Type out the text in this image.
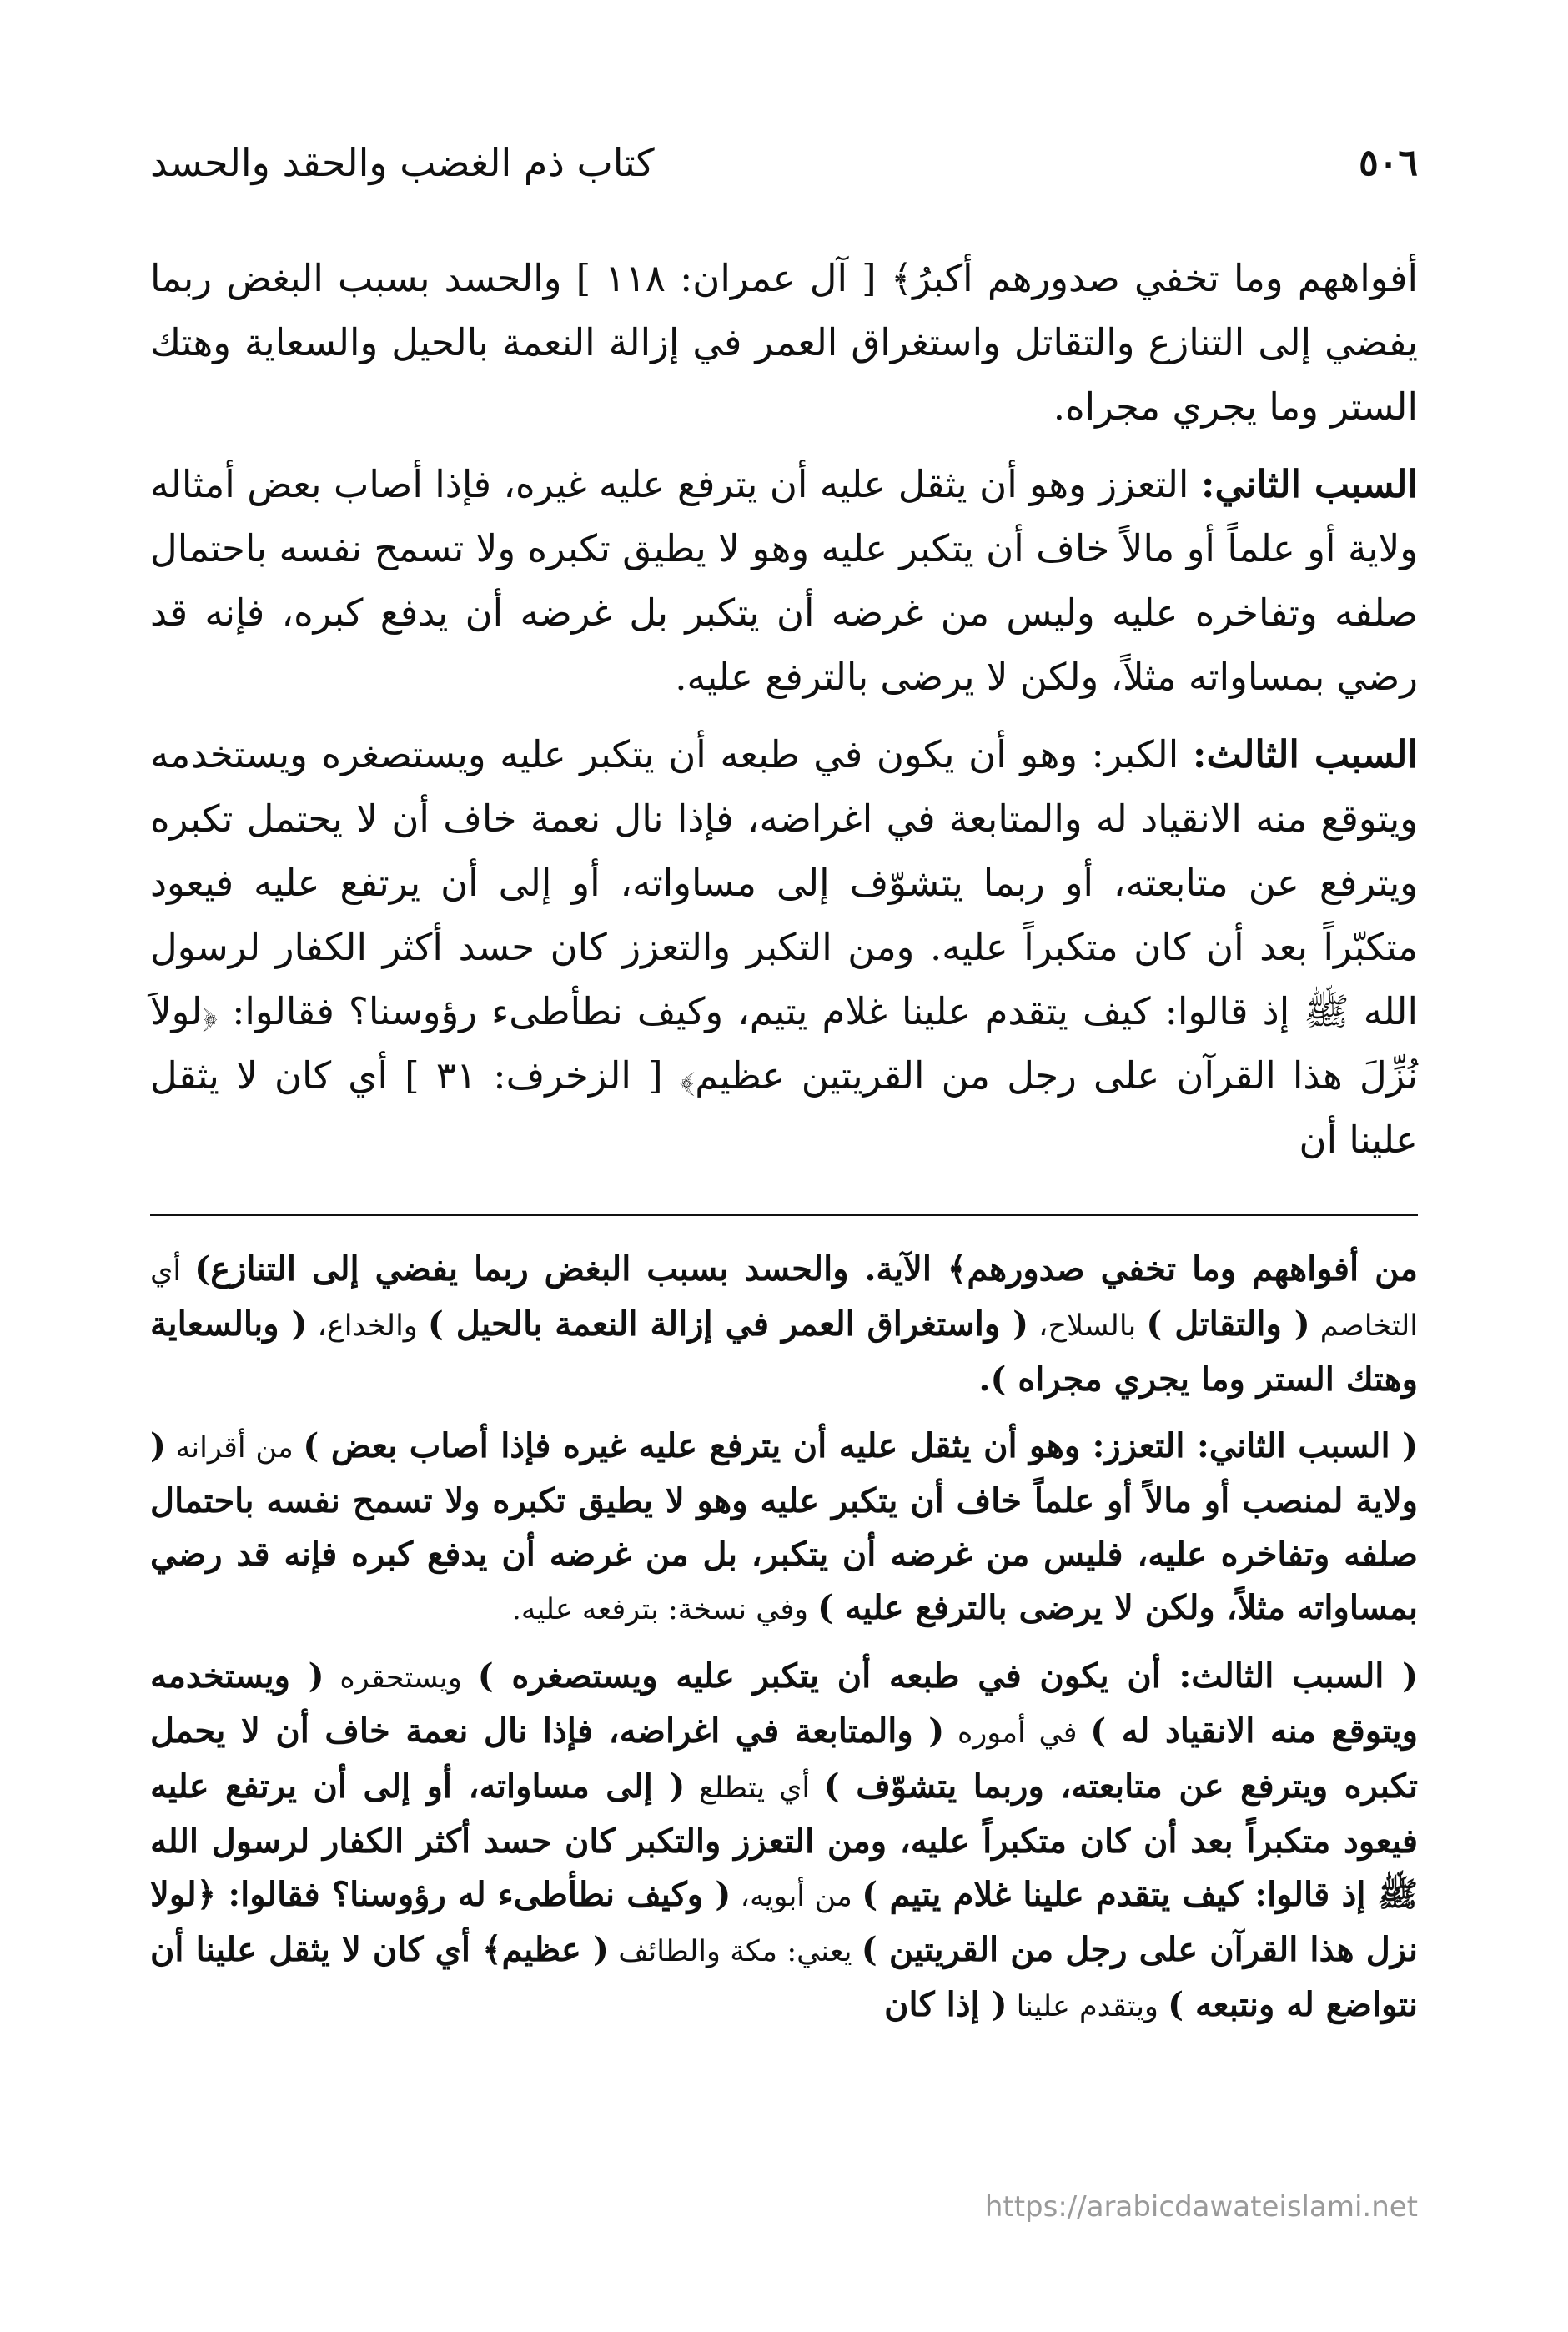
٥٠٦
كتاب ذم الغضب والحقد والحسد

أفواههم وما تخفي صدورهم أكبرُ﴾ [ آل عمران: ١١٨ ] والحسد بسبب البغض ربما يفضي إلى التنازع والتقاتل واستغراق العمر في إزالة النعمة بالحيل والسعاية وهتك الستر وما يجري مجراه.

السبب الثاني: التعزز وهو أن يثقل عليه أن يترفع عليه غيره، فإذا أصاب بعض أمثاله ولاية أو علماً أو مالاً خاف أن يتكبر عليه وهو لا يطيق تكبره ولا تسمح نفسه باحتمال صلفه وتفاخره عليه وليس من غرضه أن يتكبر بل غرضه أن يدفع كبره، فإنه قد رضي بمساواته مثلاً، ولكن لا يرضى بالترفع عليه.

السبب الثالث: الكبر: وهو أن يكون في طبعه أن يتكبر عليه ويستصغره ويستخدمه ويتوقع منه الانقياد له والمتابعة في اغراضه، فإذا نال نعمة خاف أن لا يحتمل تكبره ويترفع عن متابعته، أو ربما يتشوّف إلى مساواته، أو إلى أن يرتفع عليه فيعود متكبّراً بعد أن كان متكبراً عليه. ومن التكبر والتعزز كان حسد أكثر الكفار لرسول الله ﷺ إذ قالوا: كيف يتقدم علينا غلام يتيم، وكيف نطأطىء رؤوسنا؟ فقالوا: ﴿لولاَ نُزِّلَ هذا القرآن على رجل من القريتين عظيم﴾ [ الزخرف: ٣١ ] أي كان لا يثقل علينا أن

من أفواههم وما تخفي صدورهم﴾ الآية. والحسد بسبب البغض ربما يفضي إلى التنازع) أي التخاصم ( والتقاتل ) بالسلاح، ( واستغراق العمر في إزالة النعمة بالحيل ) والخداع، ( وبالسعاية وهتك الستر وما يجري مجراه ).

( السبب الثاني: التعزز: وهو أن يثقل عليه أن يترفع عليه غيره فإذا أصاب بعض ) من أقرانه ( ولاية لمنصب أو مالاً أو علماً خاف أن يتكبر عليه وهو لا يطيق تكبره ولا تسمح نفسه باحتمال صلفه وتفاخره عليه، فليس من غرضه أن يتكبر، بل من غرضه أن يدفع كبره فإنه قد رضي بمساواته مثلاً، ولكن لا يرضى بالترفع عليه ) وفي نسخة: بترفعه عليه.

( السبب الثالث: أن يكون في طبعه أن يتكبر عليه ويستصغره ) ويستحقره ( ويستخدمه ويتوقع منه الانقياد له ) في أموره ( والمتابعة في اغراضه، فإذا نال نعمة خاف أن لا يحمل تكبره ويترفع عن متابعته، وربما يتشوّف ) أي يتطلع ( إلى مساواته، أو إلى أن يرتفع عليه فيعود متكبراً بعد أن كان متكبراً عليه، ومن التعزز والتكبر كان حسد أكثر الكفار لرسول الله ﷺ إذ قالوا: كيف يتقدم علينا غلام يتيم ) من أبويه، ( وكيف نطأطىء له رؤوسنا؟ فقالوا: ﴿لولا نزل هذا القرآن على رجل من القريتين ) يعني: مكة والطائف ( عظيم﴾ أي كان لا يثقل علينا أن نتواضع له ونتبعه ) ويتقدم علينا ( إذا كان

https://arabicdawateislami.net
